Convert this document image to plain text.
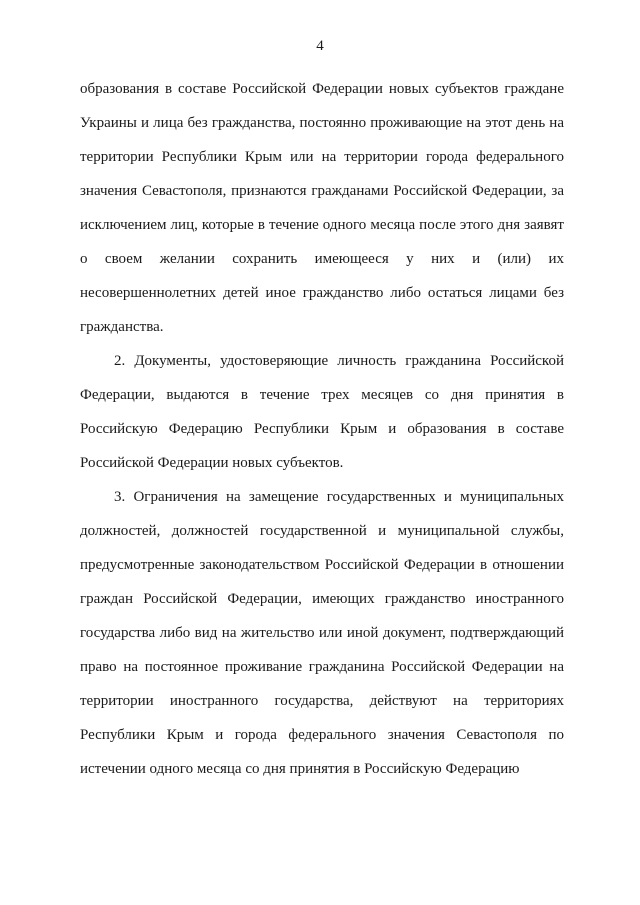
4

образования в составе Российской Федерации новых субъектов граждане Украины и лица без гражданства, постоянно проживающие на этот день на территории Республики Крым или на территории города федерального значения Севастополя, признаются гражданами Российской Федерации, за исключением лиц, которые в течение одного месяца после этого дня заявят о своем желании сохранить имеющееся у них и (или) их несовершеннолетних детей иное гражданство либо остаться лицами без гражданства.

2. Документы, удостоверяющие личность гражданина Российской Федерации, выдаются в течение трех месяцев со дня принятия в Российскую Федерацию Республики Крым и образования в составе Российской Федерации новых субъектов.

3. Ограничения на замещение государственных и муниципальных должностей, должностей государственной и муниципальной службы, предусмотренные законодательством Российской Федерации в отношении граждан Российской Федерации, имеющих гражданство иностранного государства либо вид на жительство или иной документ, подтверждающий право на постоянное проживание гражданина Российской Федерации на территории иностранного государства, действуют на территориях Республики Крым и города федерального значения Севастополя по истечении одного месяца со дня принятия в Российскую Федерацию
